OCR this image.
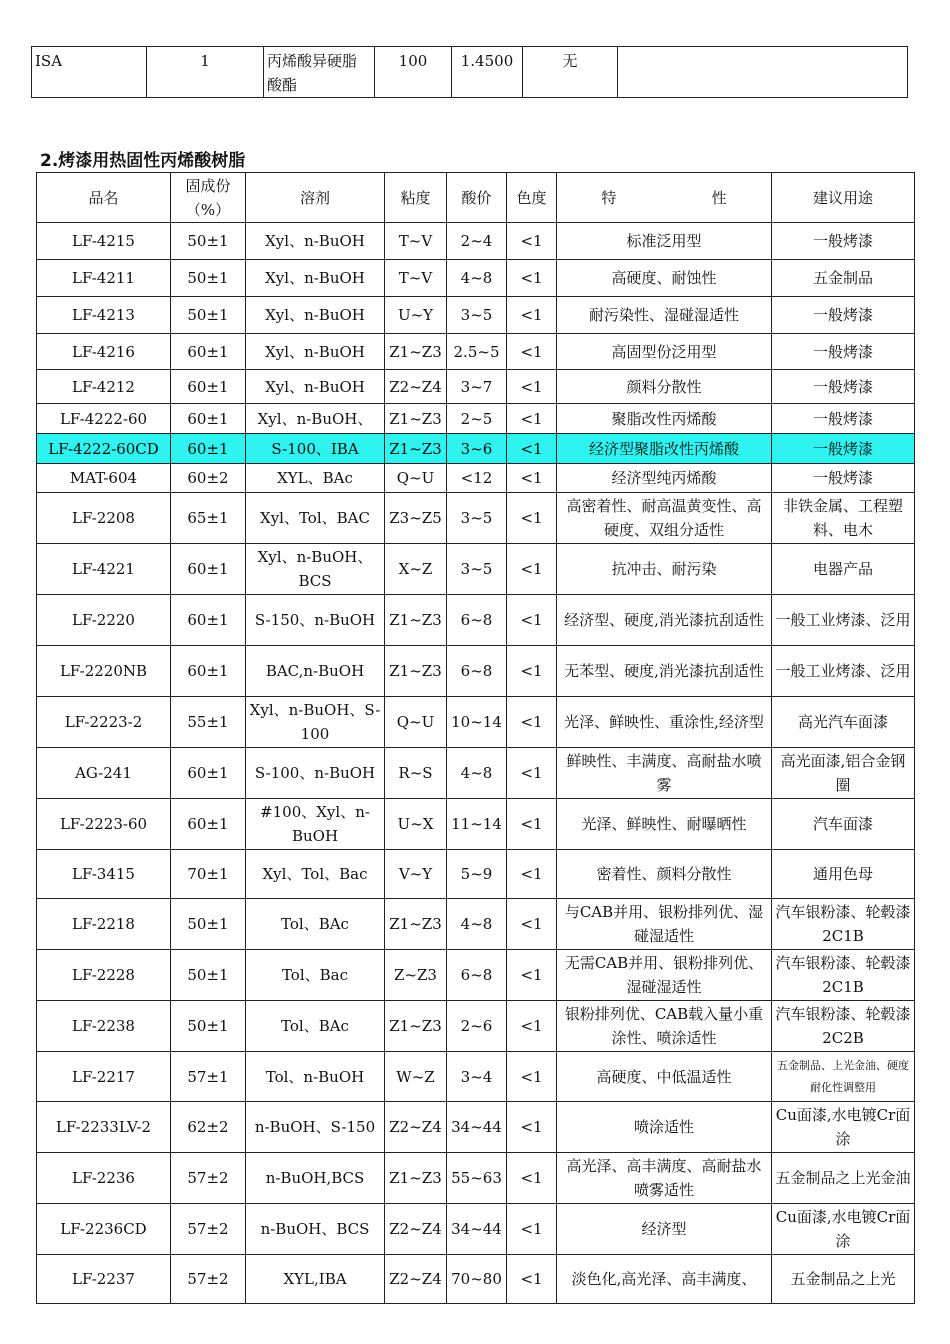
ISA	1	丙烯酸异硬脂酸酯	100	1.4500	无	
2.烤漆用热固性丙烯酸树脂
品名	固成份（%）	溶剂	粘度	酸价	色度	特                    性	建议用途
LF-4215	50±1	Xyl、n-BuOH	T~V	2~4	<1	标准泛用型	一般烤漆
LF-4211	50±1	Xyl、n-BuOH	T~V	4~8	<1	高硬度、耐蚀性	五金制品
LF-4213	50±1	Xyl、n-BuOH	U~Y	3~5	<1	耐污染性、湿碰湿适性	一般烤漆
LF-4216	60±1	Xyl、n-BuOH	Z1~Z3	2.5~5	<1	高固型份泛用型	一般烤漆
LF-4212	60±1	Xyl、n-BuOH	Z2~Z4	3~7	<1	颜料分散性	一般烤漆
LF-4222-60	60±1	Xyl、n-BuOH、	Z1~Z3	2~5	<1	聚脂改性丙烯酸	一般烤漆
LF-4222-60CD	60±1	S-100、IBA	Z1~Z3	3~6	<1	经济型聚脂改性丙烯酸	一般烤漆
MAT-604	60±2	XYL、BAc	Q~U	<12	<1	经济型纯丙烯酸	一般烤漆
LF-2208	65±1	Xyl、Tol、BAC	Z3~Z5	3~5	<1	高密着性、耐高温黄变性、高硬度、双组分适性	非铁金属、工程塑料、电木
LF-4221	60±1	Xyl、n-BuOH、BCS	X~Z	3~5	<1	抗冲击、耐污染	电器产品
LF-2220	60±1	S-150、n-BuOH	Z1~Z3	6~8	<1	经济型、硬度,消光漆抗刮适性	一般工业烤漆、泛用
LF-2220NB	60±1	BAC,n-BuOH	Z1~Z3	6~8	<1	无苯型、硬度,消光漆抗刮适性	一般工业烤漆、泛用
LF-2223-2	55±1	Xyl、n-BuOH、S-100	Q~U	10~14	<1	光泽、鲜映性、重涂性,经济型	高光汽车面漆
AG-241	60±1	S-100、n-BuOH	R~S	4~8	<1	鲜映性、丰满度、高耐盐水喷雾	高光面漆,铝合金钢圈
LF-2223-60	60±1	#100、Xyl、n-BuOH	U~X	11~14	<1	光泽、鲜映性、耐曝晒性	汽车面漆
LF-3415	70±1	Xyl、Tol、Bac	V~Y	5~9	<1	密着性、颜料分散性	通用色母
LF-2218	50±1	Tol、BAc	Z1~Z3	4~8	<1	与CAB并用、银粉排列优、湿碰湿适性	汽车银粉漆、轮毂漆2C1B
LF-2228	50±1	Tol、Bac	Z~Z3	6~8	<1	无需CAB并用、银粉排列优、湿碰湿适性	汽车银粉漆、轮毂漆2C1B
LF-2238	50±1	Tol、BAc	Z1~Z3	2~6	<1	银粉排列优、CAB载入量小重涂性、喷涂适性	汽车银粉漆、轮毂漆2C2B
LF-2217	57±1	Tol、n-BuOH	W~Z	3~4	<1	高硬度、中低温适性	五金制品、上光金油、硬度耐化性调整用
LF-2233LV-2	62±2	n-BuOH、S-150	Z2~Z4	34~44	<1	喷涂适性	Cu面漆,水电镀Cr面涂
LF-2236	57±2	n-BuOH,BCS	Z1~Z3	55~63	<1	高光泽、高丰满度、高耐盐水喷雾适性	五金制品之上光金油
LF-2236CD	57±2	n-BuOH、BCS	Z2~Z4	34~44	<1	经济型	Cu面漆,水电镀Cr面涂
LF-2237	57±2	XYL,IBA	Z2~Z4	70~80	<1	淡色化,高光泽、高丰满度、	五金制品之上光
